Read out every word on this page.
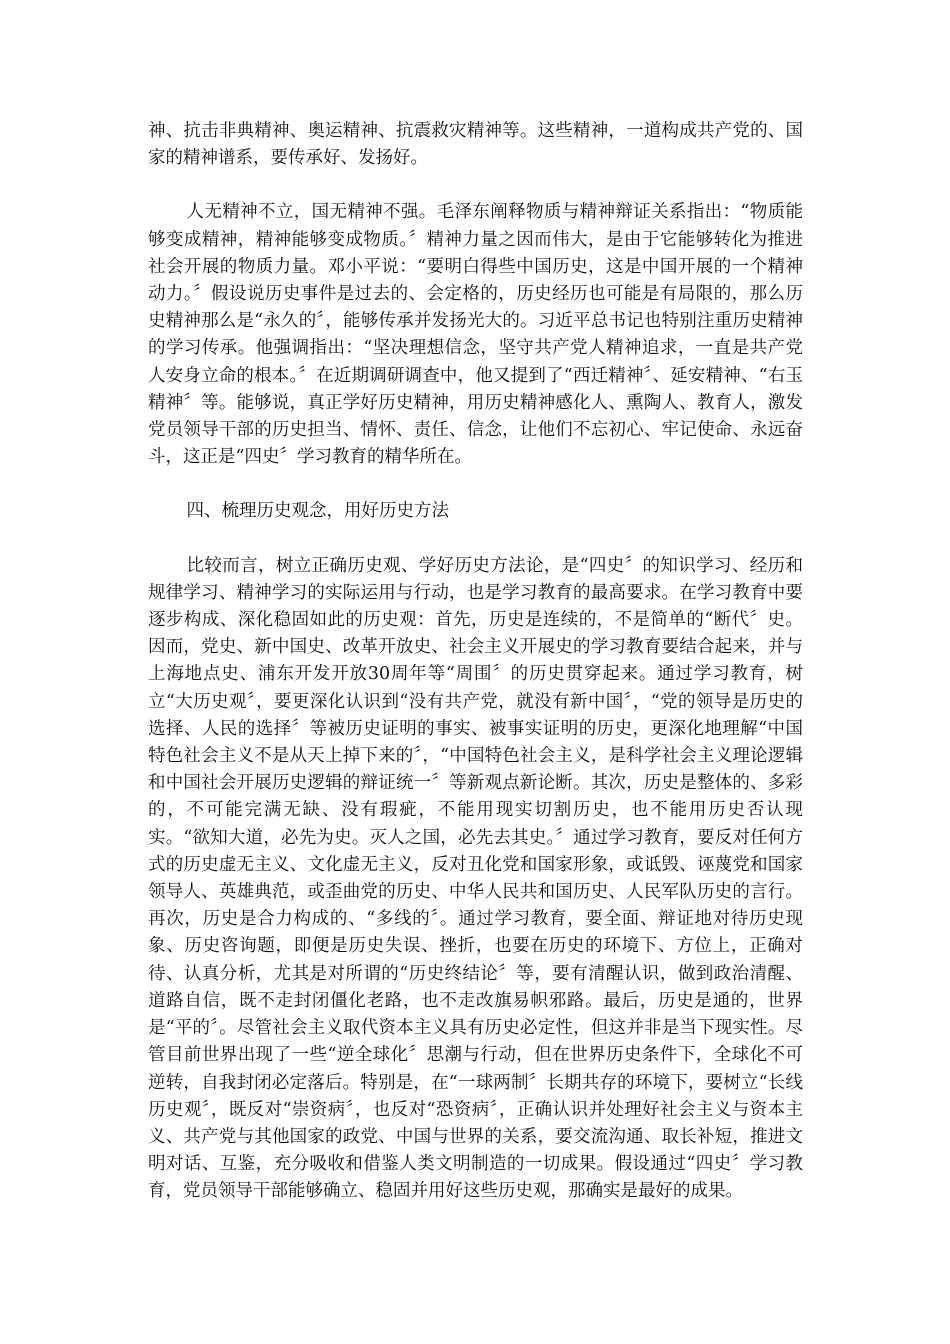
神、抗击非典精神、奥运精神、抗震救灾精神等。这些精神，一道构成共产党的、国家的精神谱系，要传承好、发扬好。

人无精神不立，国无精神不强。毛泽东阐释物质与精神辩证关系指出：“物质能够变成精神，精神能够变成物质。〞精神力量之因而伟大，是由于它能够转化为推进社会开展的物质力量。邓小平说：“要明白得些中国历史，这是中国开展的一个精神动力。〞假设说历史事件是过去的、会定格的，历史经历也可能是有局限的，那么历史精神那么是“永久的〞，能够传承并发扬光大的。习近平总书记也特别注重历史精神的学习传承。他强调指出：“坚决理想信念，坚守共产党人精神追求，一直是共产党人安身立命的根本。〞在近期调研调查中，他又提到了“西迁精神〞、延安精神、“右玉精神〞等。能够说，真正学好历史精神，用历史精神感化人、熏陶人、教育人，激发党员领导干部的历史担当、情怀、责任、信念，让他们不忘初心、牢记使命、永远奋斗，这正是“四史〞学习教育的精华所在。

四、梳理历史观念，用好历史方法

比较而言，树立正确历史观、学好历史方法论，是“四史〞的知识学习、经历和规律学习、精神学习的实际运用与行动，也是学习教育的最高要求。在学习教育中要逐步构成、深化稳固如此的历史观：首先，历史是连续的，不是简单的“断代〞史。因而，党史、新中国史、改革开放史、社会主义开展史的学习教育要结合起来，并与上海地点史、浦东开发开放30周年等“周围〞的历史贯穿起来。通过学习教育，树立“大历史观〞，要更深化认识到“没有共产党，就没有新中国〞，“党的领导是历史的选择、人民的选择〞等被历史证明的事实、被事实证明的历史，更深化地理解“中国特色社会主义不是从天上掉下来的〞，“中国特色社会主义，是科学社会主义理论逻辑和中国社会开展历史逻辑的辩证统一〞等新观点新论断。其次，历史是整体的、多彩的，不可能完满无缺、没有瑕疵，不能用现实切割历史，也不能用历史否认现实。“欲知大道，必先为史。灭人之国，必先去其史。〞通过学习教育，要反对任何方式的历史虚无主义、文化虚无主义，反对丑化党和国家形象，或诋毁、诬蔑党和国家领导人、英雄典范，或歪曲党的历史、中华人民共和国历史、人民军队历史的言行。再次，历史是合力构成的、“多线的〞。通过学习教育，要全面、辩证地对待历史现象、历史咨询题，即便是历史失误、挫折，也要在历史的环境下、方位上，正确对待、认真分析，尤其是对所谓的“历史终结论〞等，要有清醒认识，做到政治清醒、道路自信，既不走封闭僵化老路，也不走改旗易帜邪路。最后，历史是通的，世界是“平的〞。尽管社会主义取代资本主义具有历史必定性，但这并非是当下现实性。尽管目前世界出现了一些“逆全球化〞思潮与行动，但在世界历史条件下，全球化不可逆转，自我封闭必定落后。特别是，在“一球两制〞长期共存的环境下，要树立“长线历史观〞，既反对“崇资病〞，也反对“恐资病〞，正确认识并处理好社会主义与资本主义、共产党与其他国家的政党、中国与世界的关系，要交流沟通、取长补短，推进文明对话、互鉴，充分吸收和借鉴人类文明制造的一切成果。假设通过“四史〞学习教育，党员领导干部能够确立、稳固并用好这些历史观，那确实是最好的成果。
